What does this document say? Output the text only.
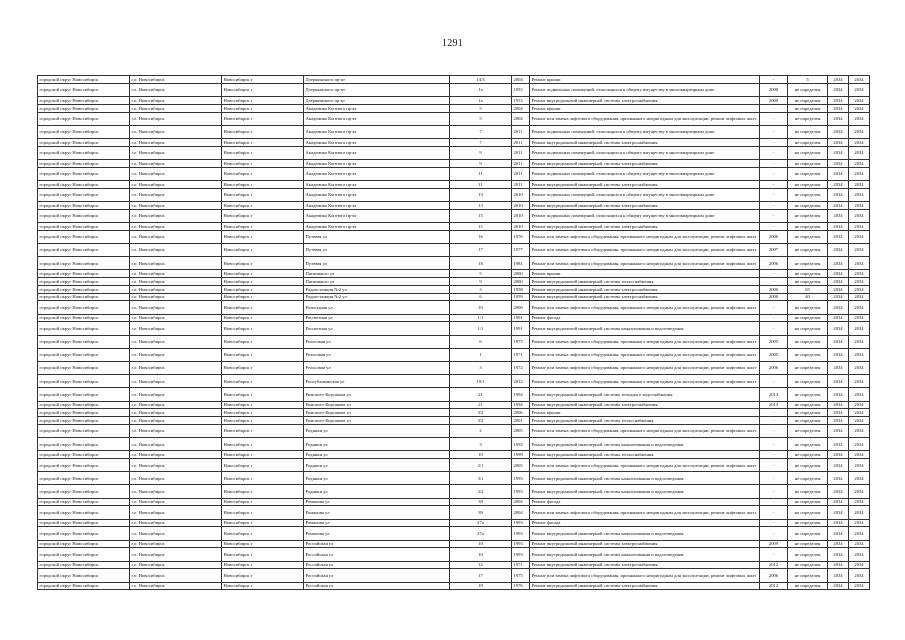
1291
городской округ Новосибирск	г.о. Новосибирск	Новосибирск г	Дзержинского пр-кт	14/3	2004	Ремонт крыши	-	5	2034	2034
городской округ Новосибирск	г.о. Новосибирск	Новосибирск г	Дзержинского пр-кт	1а	1953	Ремонт подвальных помещений, относящихся к общему имуществу в многоквартирном доме	2000	не определен	2034	2034
городской округ Новосибирск	г.о. Новосибирск	Новосибирск г	Дзержинского пр-кт	1а	1953	Ремонт внутридомовой инженерной системы электроснабжения	2000	не определен	2034	2034
городской округ Новосибирск	г.о. Новосибирск	Новосибирск г	Академика Коптюга пр-кт	5	2004	Ремонт крыши	-	не определен	2034	2034
городской округ Новосибирск	г.о. Новосибирск	Новосибирск г	Академика Коптюга пр-кт	5	2004	Ремонт или замена лифтового оборудования, признанного непригодным для эксплуатации, ремонт лифтовых шахт	-	не определен	2034	2034
городской округ Новосибирск	г.о. Новосибирск	Новосибирск г	Академика Коптюга пр-кт	7	2011	Ремонт подвальных помещений, относящихся к общему имуществу в многоквартирном доме	-	не определен	2034	2034
городской округ Новосибирск	г.о. Новосибирск	Новосибирск г	Академика Коптюга пр-кт	7	2011	Ремонт внутридомовой инженерной системы электроснабжения	-	не определен	2034	2034
городской округ Новосибирск	г.о. Новосибирск	Новосибирск г	Академика Коптюга пр-кт	9	2011	Ремонт подвальных помещений, относящихся к общему имуществу в многоквартирном доме	-	не определен	2034	2034
городской округ Новосибирск	г.о. Новосибирск	Новосибирск г	Академика Коптюга пр-кт	9	2011	Ремонт внутридомовой инженерной системы электроснабжения	-	не определен	2034	2034
городской округ Новосибирск	г.о. Новосибирск	Новосибирск г	Академика Коптюга пр-кт	11	2011	Ремонт подвальных помещений, относящихся к общему имуществу в многоквартирном доме	-	не определен	2034	2034
городской округ Новосибирск	г.о. Новосибирск	Новосибирск г	Академика Коптюга пр-кт	11	2011	Ремонт внутридомовой инженерной системы электроснабжения	-	не определен	2034	2034
городской округ Новосибирск	г.о. Новосибирск	Новосибирск г	Академика Коптюга пр-кт	13	2010	Ремонт подвальных помещений, относящихся к общему имуществу в многоквартирном доме	-	не определен	2034	2034
городской округ Новосибирск	г.о. Новосибирск	Новосибирск г	Академика Коптюга пр-кт	13	2010	Ремонт внутридомовой инженерной системы электроснабжения	-	не определен	2034	2034
городской округ Новосибирск	г.о. Новосибирск	Новосибирск г	Академика Коптюга пр-кт	15	2010	Ремонт подвальных помещений, относящихся к общему имуществу в многоквартирном доме	-	не определен	2034	2034
городской округ Новосибирск	г.о. Новосибирск	Новосибирск г	Академика Коптюга пр-кт	15	2010	Ремонт внутридомовой инженерной системы электроснабжения	-	не определен	2034	2034
городской округ Новосибирск	г.о. Новосибирск	Новосибирск г	Путевая ул	16	1976	Ремонт или замена лифтового оборудования, признанного непригодным для эксплуатации, ремонт лифтовых шахт	2006	не определен	2034	2034
городской округ Новосибирск	г.о. Новосибирск	Новосибирск г	Путевая ул	17	1977	Ремонт или замена лифтового оборудования, признанного непригодным для эксплуатации, ремонт лифтовых шахт	2007	не определен	2034	2034
городской округ Новосибирск	г.о. Новосибирск	Новосибирск г	Путевая ул	18	1981	Ремонт или замена лифтового оборудования, признанного непригодным для эксплуатации, ремонт лифтовых шахт	2006	не определен	2034	2034
городской округ Новосибирск	г.о. Новосибирск	Новосибирск г	Пятницкого ул	5	2000	Ремонт крыши	-	не определен	2034	2034
городской округ Новосибирск	г.о. Новосибирск	Новосибирск г	Пятницкого ул	9	2000	Ремонт внутридомовой инженерной системы теплоснабжения	-	не определен	2034	2034
городской округ Новосибирск	г.о. Новосибирск	Новосибирск г	Радиостанции №2 ул	3	1958	Ремонт внутридомовой инженерной системы электроснабжения	2000	65	2034	2034
городской округ Новосибирск	г.о. Новосибирск	Новосибирск г	Радиостанции №2 ул	6	1959	Ремонт внутридомовой инженерной системы электроснабжения	2000	40	2034	2034
городской округ Новосибирск	г.о. Новосибирск	Новосибирск г	Разъездная ул	10	2006	Ремонт или замена лифтового оборудования, признанного непригодным для эксплуатации, ремонт лифтовых шахт	-	не определен	2034	2034
городской округ Новосибирск	г.о. Новосибирск	Новосибирск г	Рассветная ул	1/1	1991	Ремонт фасада	-	не определен	2034	2034
городской округ Новосибирск	г.о. Новосибирск	Новосибирск г	Рассветная ул	1/1	1991	Ремонт внутридомовой инженерной системы канализования и водоотведения	-	не определен	2034	2034
городской округ Новосибирск	г.о. Новосибирск	Новосибирск г	Рельсовая ул	6	1975	Ремонт или замена лифтового оборудования, признанного непригодным для эксплуатации, ремонт лифтовых шахт	2005	не определен	2034	2034
городской округ Новосибирск	г.о. Новосибирск	Новосибирск г	Рельсовая ул	1	1971	Ремонт или замена лифтового оборудования, признанного непригодным для эксплуатации, ремонт лифтовых шахт	2005	не определен	2034	2034
городской округ Новосибирск	г.о. Новосибирск	Новосибирск г	Рельсовая ул	3	1972	Ремонт или замена лифтового оборудования, признанного непригодным для эксплуатации, ремонт лифтовых шахт	2006	не определен	2034	2034
городской округ Новосибирск	г.о. Новосибирск	Новосибирск г	Республиканская ул	10/1	2012	Ремонт или замена лифтового оборудования, признанного непригодным для эксплуатации, ремонт лифтовых шахт	-	не определен	2034	2034
городской округ Новосибирск	г.о. Новосибирск	Новосибирск г	Римского-Корсакова ул	21	1994	Ремонт внутридомовой инженерной системы холодного водоснабжения	2013	не определен	2034	2034
городской округ Новосибирск	г.о. Новосибирск	Новосибирск г	Римского-Корсакова ул	21	1994	Ремонт внутридомовой инженерной системы электроснабжения	2013	не определен	2034	2034
городской округ Новосибирск	г.о. Новосибирск	Новосибирск г	Римского-Корсакова ул	3/2	2006	Ремонт крыши	-	не определен	2034	2034
городской округ Новосибирск	г.о. Новосибирск	Новосибирск г	Римского-Корсакова ул	3/2	2001	Ремонт внутридомовой инженерной системы теплоснабжения	-	не определен	2034	2034
городской округ Новосибирск	г.о. Новосибирск	Новосибирск г	Родники ул	2	2005	Ремонт или замена лифтового оборудования, признанного непригодным для эксплуатации, ремонт лифтовых шахт	-	не определен	2034	2034
городской округ Новосибирск	г.о. Новосибирск	Новосибирск г	Родники ул	3	1992	Ремонт внутридомовой инженерной системы канализования и водоотведения	-	не определен	2034	2034
городской округ Новосибирск	г.о. Новосибирск	Новосибирск г	Родники ул	10	1999	Ремонт внутридомовой инженерной системы теплоснабжения	-	не определен	2034	2034
городской округ Новосибирск	г.о. Новосибирск	Новосибирск г	Родники ул	2/1	2005	Ремонт или замена лифтового оборудования, признанного непригодным для эксплуатации, ремонт лифтовых шахт	-	не определен	2034	2034
городской округ Новосибирск	г.о. Новосибирск	Новосибирск г	Родники ул	3/1	1993	Ремонт внутридомовой инженерной системы канализования и водоотведения	-	не определен	2034	2034
городской округ Новосибирск	г.о. Новосибирск	Новосибирск г	Родники ул	3/2	1993	Ремонт внутридомовой инженерной системы канализования и водоотведения	-	не определен	2034	2034
городской округ Новосибирск	г.о. Новосибирск	Новосибирск г	Романова ул	39	2004	Ремонт фасада	-	не определен	2034	2034
городской округ Новосибирск	г.о. Новосибирск	Новосибирск г	Романова ул	39	2004	Ремонт или замена лифтового оборудования, признанного непригодным для эксплуатации, ремонт лифтовых шахт	-	не определен	2034	2034
городской округ Новосибирск	г.о. Новосибирск	Новосибирск г	Романова ул	27а	1993	Ремонт фасада	-	не определен	2034	2034
городской округ Новосибирск	г.о. Новосибирск	Новосибирск г	Романова ул	27а	1993	Ремонт внутридомовой инженерной системы канализования и водоотведения	-	не определен	2034	2034
городской округ Новосибирск	г.о. Новосибирск	Новосибирск г	Российская ул	10	1993	Ремонт внутридомовой инженерной системы электроснабжения	2009	не определен	2034	2034
городской округ Новосибирск	г.о. Новосибирск	Новосибирск г	Российская ул	10	1993	Ремонт внутридомовой инженерной системы канализования и водоотведения	-	не определен	2034	2034
городской округ Новосибирск	г.о. Новосибирск	Новосибирск г	Российская ул	12	1971	Ремонт внутридомовой инженерной системы электроснабжения	2012	не определен	2034	2034
городской округ Новосибирск	г.о. Новосибирск	Новосибирск г	Российская ул	17	1975	Ремонт или замена лифтового оборудования, признанного непригодным для эксплуатации, ремонт лифтовых шахт	2006	не определен	2034	2034
городской округ Новосибирск	г.о. Новосибирск	Новосибирск г	Российская ул	19	1976	Ремонт внутридомовой инженерной системы электроснабжения	2012	не определен	2034	2034
